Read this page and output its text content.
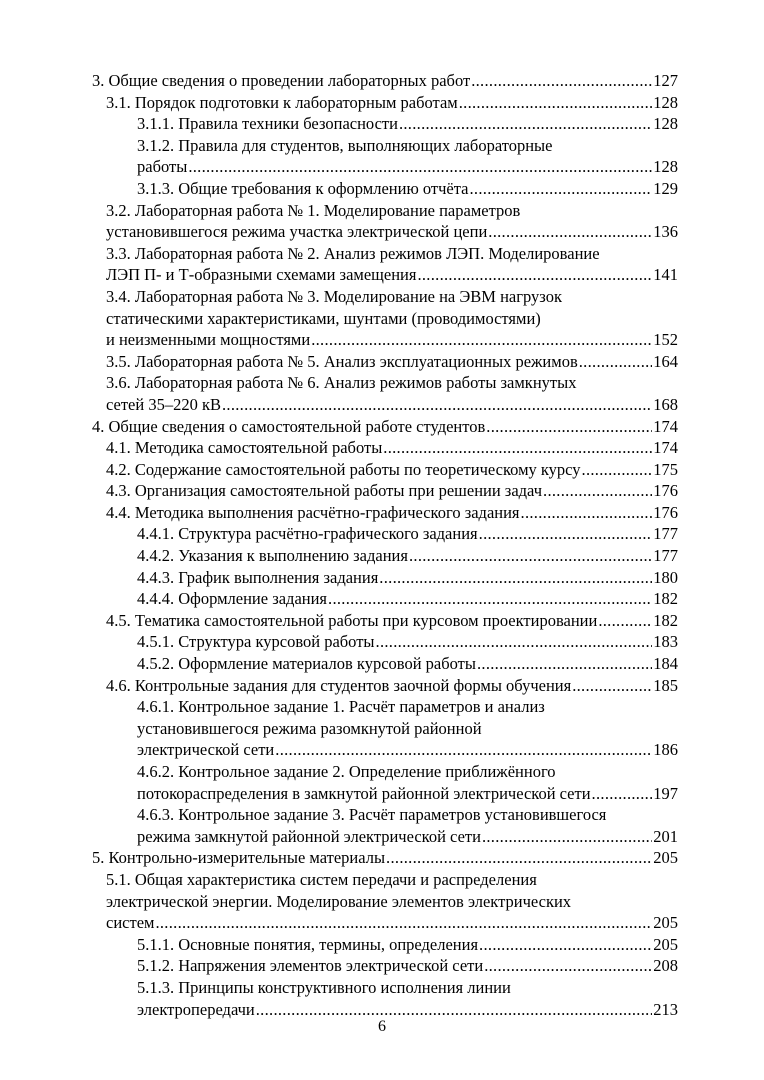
3. Общие сведения о проведении лабораторных работ .....	127
3.1. Порядок подготовки к лабораторным работам .....	128
3.1.1. Правила техники безопасности .....	128
3.1.2. Правила для студентов, выполняющих лабораторные
работы .....	128
3.1.3. Общие требования к оформлению отчёта .....	129
3.2. Лабораторная работа № 1. Моделирование параметров
установившегося режима участка электрической цепи .....	136
3.3. Лабораторная работа № 2. Анализ режимов ЛЭП. Моделирование
ЛЭП П- и Т-образными схемами замещения .....	141
3.4. Лабораторная работа № 3. Моделирование на ЭВМ нагрузок
статическими характеристиками, шунтами (проводимостями)
и неизменными мощностями .....	152
3.5. Лабораторная работа № 5. Анализ эксплуатационных режимов .....	164
3.6. Лабораторная работа № 6. Анализ режимов работы замкнутых
сетей 35–220 кВ .....	168
4. Общие сведения о самостоятельной работе студентов .....	174
4.1. Методика самостоятельной работы .....	174
4.2. Содержание самостоятельной работы по теоретическому курсу .....	175
4.3. Организация самостоятельной работы при решении задач .....	176
4.4. Методика выполнения расчётно-графического задания .....	176
4.4.1. Структура расчётно-графического задания .....	177
4.4.2. Указания к выполнению задания .....	177
4.4.3. График выполнения задания .....	180
4.4.4. Оформление задания .....	182
4.5. Тематика самостоятельной работы при курсовом проектировании .....	182
4.5.1. Структура курсовой работы .....	183
4.5.2. Оформление материалов курсовой работы .....	184
4.6. Контрольные задания для студентов заочной формы обучения .....	185
4.6.1. Контрольное задание 1. Расчёт параметров и анализ
установившегося режима разомкнутой районной
электрической сети .....	186
4.6.2. Контрольное задание 2. Определение приближённого
потокораспределения в замкнутой районной электрической сети .....	197
4.6.3. Контрольное задание 3. Расчёт параметров установившегося
режима замкнутой районной электрической сети .....	201
5. Контрольно-измерительные материалы .....	205
5.1. Общая характеристика систем передачи и распределения
электрической энергии. Моделирование элементов электрических
систем .....	205
5.1.1. Основные понятия, термины, определения .....	205
5.1.2. Напряжения элементов электрической сети .....	208
5.1.3. Принципы конструктивного исполнения линии
электропередачи .....	213
6
